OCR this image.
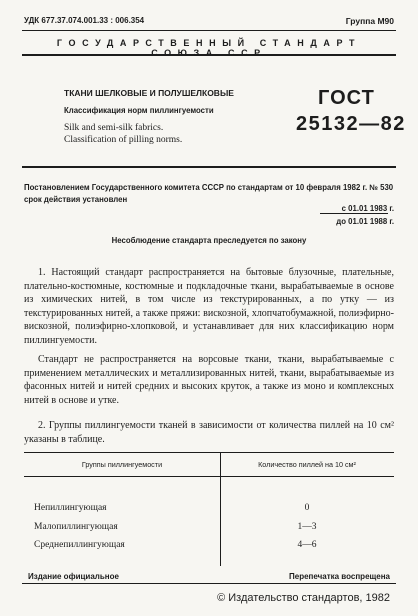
УДК 677.37.074.001.33 : 006.354	Группа М90
ГОСУДАРСТВЕННЫЙ СТАНДАРТ СОЮЗА ССР
ТКАНИ ШЕЛКОВЫЕ И ПОЛУШЕЛКОВЫЕ
Классификация норм пиллингуемости
Silk and semi-silk fabrics.
Classification of pilling norms.
ГОСТ
25132—82
Постановлением Государственного комитета СССР по стандартам от 10 февраля 1982 г. № 530 срок действия установлен
с 01.01 1983 г.
до 01.01 1988 г.
Несоблюдение стандарта преследуется по закону
1. Настоящий стандарт распространяется на бытовые блузочные, плательные, плательно-костюмные, костюмные и подкладочные ткани, вырабатываемые в основе из химических нитей, в том числе из текстурированных, а по утку — из текстурированных нитей, а также пряжи: вискозной, хлопчатобумажной, полиэфирно-вискозной, полиэфирно-хлопковой, и устанавливает для них классификацию норм пиллингуемости.
Стандарт не распространяется на ворсовые ткани, ткани, вырабатываемые с применением металлических и металлизированных нитей, ткани, вырабатываемые из фасонных нитей и нитей средних и высоких круток, а также из моно и комплексных нитей в основе и утке.
2. Группы пиллингуемости тканей в зависимости от количества пиллей на 10 см² указаны в таблице.
Группы пиллингуемости	Количество пиллей на 10 см²
Непиллингующая	0
Малопиллингующая	1—3
Среднепиллингующая	4—6
Издание официальное	Перепечатка воспрещена
© Издательство стандартов, 1982
